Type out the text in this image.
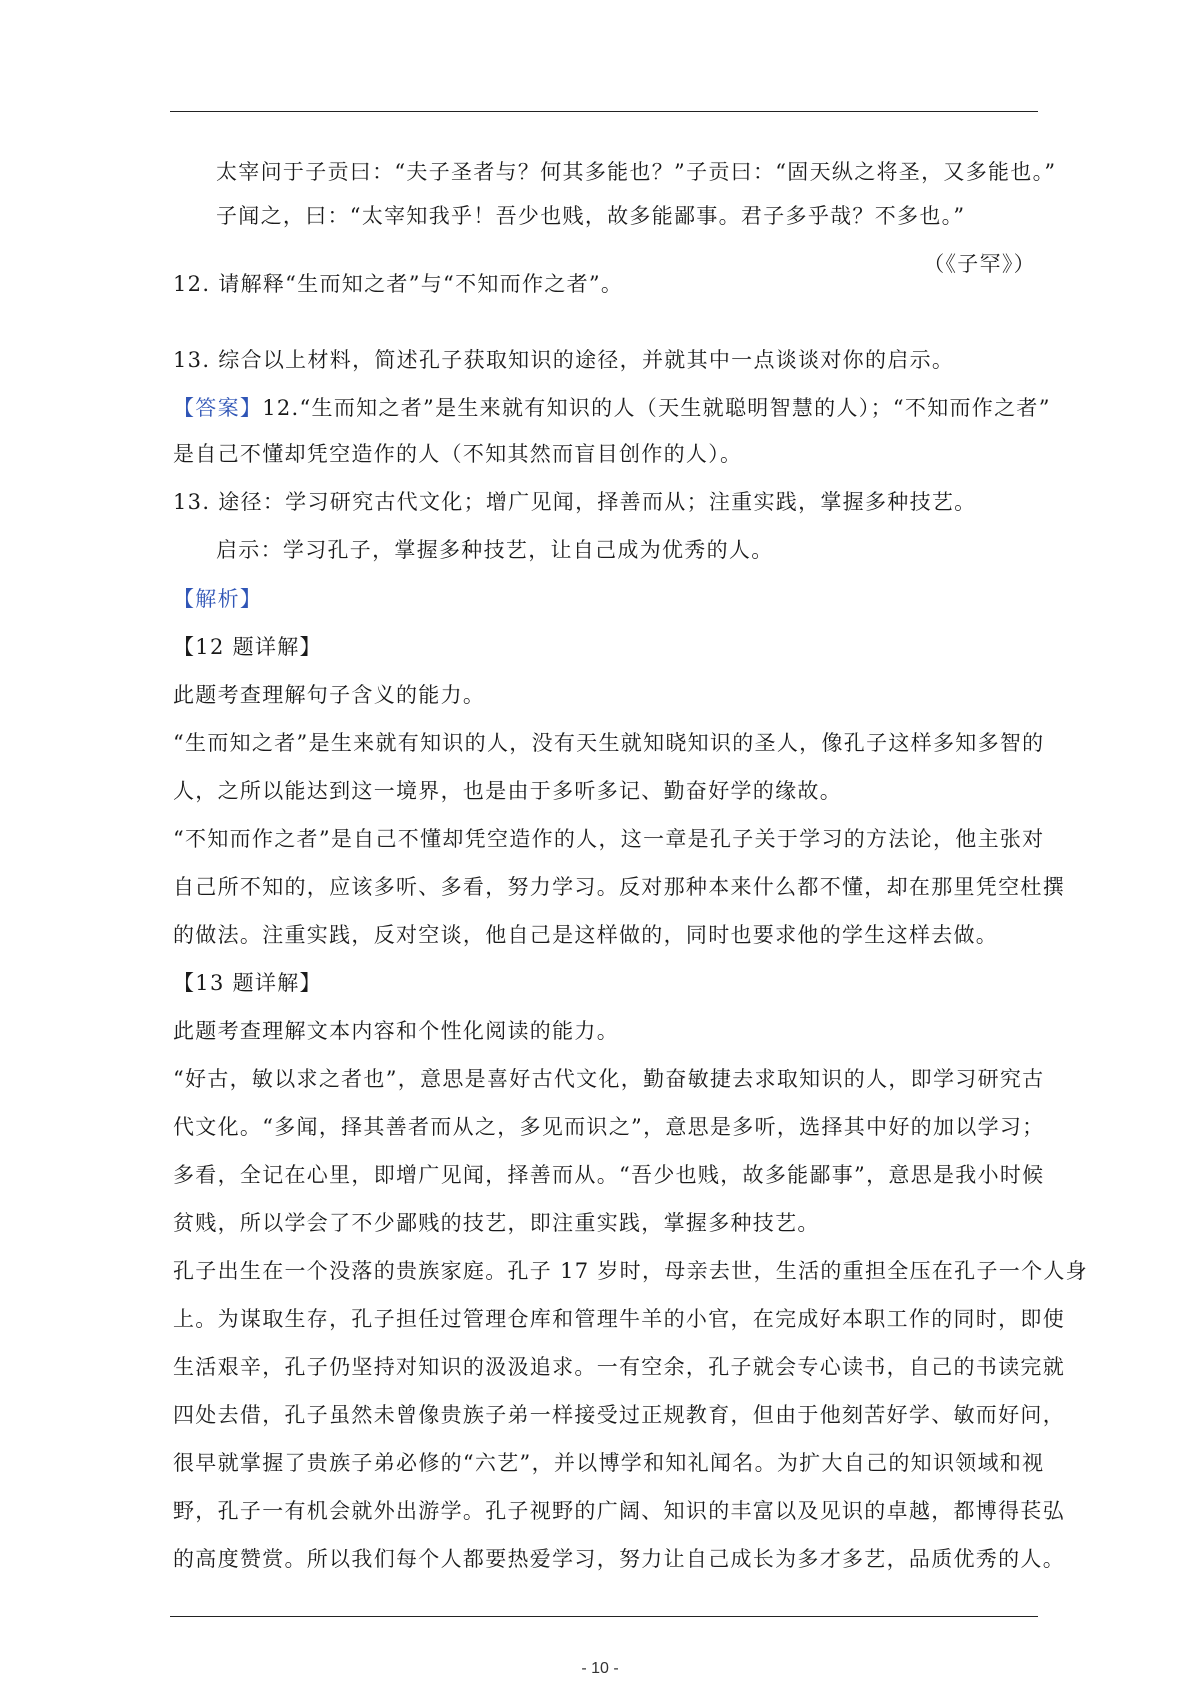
太宰问于子贡曰：“夫子圣者与？何其多能也？”子贡曰：“固天纵之将圣，又多能也。”
子闻之，曰：“太宰知我乎！吾少也贱，故多能鄙事。君子多乎哉？不多也。”
（《子罕》）
12. 请解释“生而知之者”与“不知而作之者”。
13. 综合以上材料，简述孔子获取知识的途径，并就其中一点谈谈对你的启示。
【答案】12.“生而知之者”是生来就有知识的人（天生就聪明智慧的人）；“不知而作之者”
是自己不懂却凭空造作的人（不知其然而盲目创作的人）。
13. 途径：学习研究古代文化；增广见闻，择善而从；注重实践，掌握多种技艺。
启示：学习孔子，掌握多种技艺，让自己成为优秀的人。
【解析】
【12 题详解】
此题考查理解句子含义的能力。
“生而知之者”是生来就有知识的人，没有天生就知晓知识的圣人，像孔子这样多知多智的
人，之所以能达到这一境界，也是由于多听多记、勤奋好学的缘故。
“不知而作之者”是自己不懂却凭空造作的人，这一章是孔子关于学习的方法论，他主张对
自己所不知的，应该多听、多看，努力学习。反对那种本来什么都不懂，却在那里凭空杜撰
的做法。注重实践，反对空谈，他自己是这样做的，同时也要求他的学生这样去做。
【13 题详解】
此题考查理解文本内容和个性化阅读的能力。
“好古，敏以求之者也”，意思是喜好古代文化，勤奋敏捷去求取知识的人，即学习研究古
代文化。“多闻，择其善者而从之，多见而识之”，意思是多听，选择其中好的加以学习；
多看，全记在心里，即增广见闻，择善而从。“吾少也贱，故多能鄙事”，意思是我小时候
贫贱，所以学会了不少鄙贱的技艺，即注重实践，掌握多种技艺。
孔子出生在一个没落的贵族家庭。孔子 17 岁时，母亲去世，生活的重担全压在孔子一个人身
上。为谋取生存，孔子担任过管理仓库和管理牛羊的小官，在完成好本职工作的同时，即使
生活艰辛，孔子仍坚持对知识的汲汲追求。一有空余，孔子就会专心读书，自己的书读完就
四处去借，孔子虽然未曾像贵族子弟一样接受过正规教育，但由于他刻苦好学、敏而好问，
很早就掌握了贵族子弟必修的“六艺”，并以博学和知礼闻名。为扩大自己的知识领域和视
野，孔子一有机会就外出游学。孔子视野的广阔、知识的丰富以及见识的卓越，都博得苌弘
的高度赞赏。所以我们每个人都要热爱学习，努力让自己成长为多才多艺，品质优秀的人。
- 10 -
